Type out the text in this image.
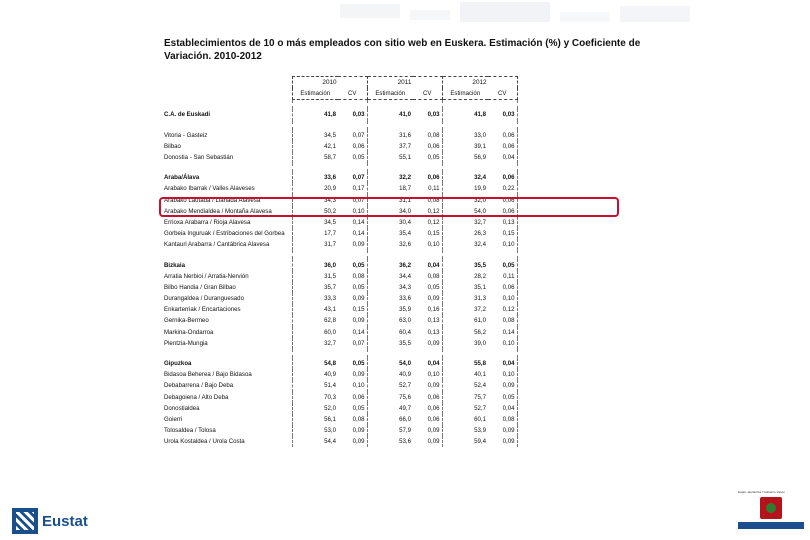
Establecimientos de 10 o más empleados con sitio web en Euskera. Estimación (%) y Coeficiente de Variación. 2010-2012
	2010		2011		2012	
	Estimación	CV	Estimación	CV	Estimación	CV

C.A. de Euskadi	41,8	0,03	41,0	0,03	41,8	0,03

Vitoria - Gasteiz	34,5	0,07	31,6	0,08	33,0	0,06
Bilbao	42,1	0,06	37,7	0,06	39,1	0,06
Donostia - San Sebastián	58,7	0,05	55,1	0,05	56,9	0,04

Araba/Álava	33,6	0,07	32,2	0,06	32,4	0,06
Arabako Ibarrak / Valles Alaveses	20,9	0,17	18,7	0,11	19,9	0,22
Arabako Lautada / Llanada Alavesa	34,3	0,07	31,1	0,08	32,0	0,06
Arabako Mendialdea / Montaña Alavesa	50,2	0,10	34,0	0,12	54,0	0,06
Errioxa Arabarra / Rioja Alavesa	34,5	0,14	30,4	0,12	32,7	0,13
Gorbeia Inguruak / Estribaciones del Gorbea	17,7	0,14	35,4	0,15	26,3	0,15
Kantauri Arabarra / Cantábrica Alavesa	31,7	0,09	32,6	0,10	32,4	0,10

Bizkaia	36,0	0,05	36,2	0,04	35,5	0,05
Arratia Nerbioi / Arratia-Nervión	31,5	0,08	34,4	0,08	28,2	0,11
Bilbo Handia / Gran Bilbao	35,7	0,05	34,3	0,05	35,1	0,06
Durangaldea / Duranguesado	33,3	0,09	33,6	0,09	31,3	0,10
Enkarterriak / Encartaciones	43,1	0,15	35,9	0,16	37,2	0,12
Gernika-Bermeo	62,8	0,09	63,0	0,13	61,0	0,08
Markina-Ondarroa	60,0	0,14	60,4	0,13	56,2	0,14
Plentzia-Mungia	32,7	0,07	35,5	0,09	39,0	0,10

Gipuzkoa	54,8	0,05	54,0	0,04	55,8	0,04
Bidasoa Beherea / Bajo Bidasoa	40,9	0,09	40,9	0,10	40,1	0,10
Debabarrena / Bajo Deba	51,4	0,10	52,7	0,09	52,4	0,09
Debagoiena / Alto Deba	70,3	0,06	75,6	0,06	75,7	0,05
Donostialdea	52,0	0,05	49,7	0,06	52,7	0,04
Goierri	56,1	0,08	66,0	0,06	60,1	0,08
Tolosaldea / Tolosa	53,0	0,09	57,9	0,09	53,9	0,09
Urola Kostaldea / Urola Costa	54,4	0,09	53,6	0,09	59,4	0,09
Eustat
Eusko Jaurlaritza / Gobierno Vasco
